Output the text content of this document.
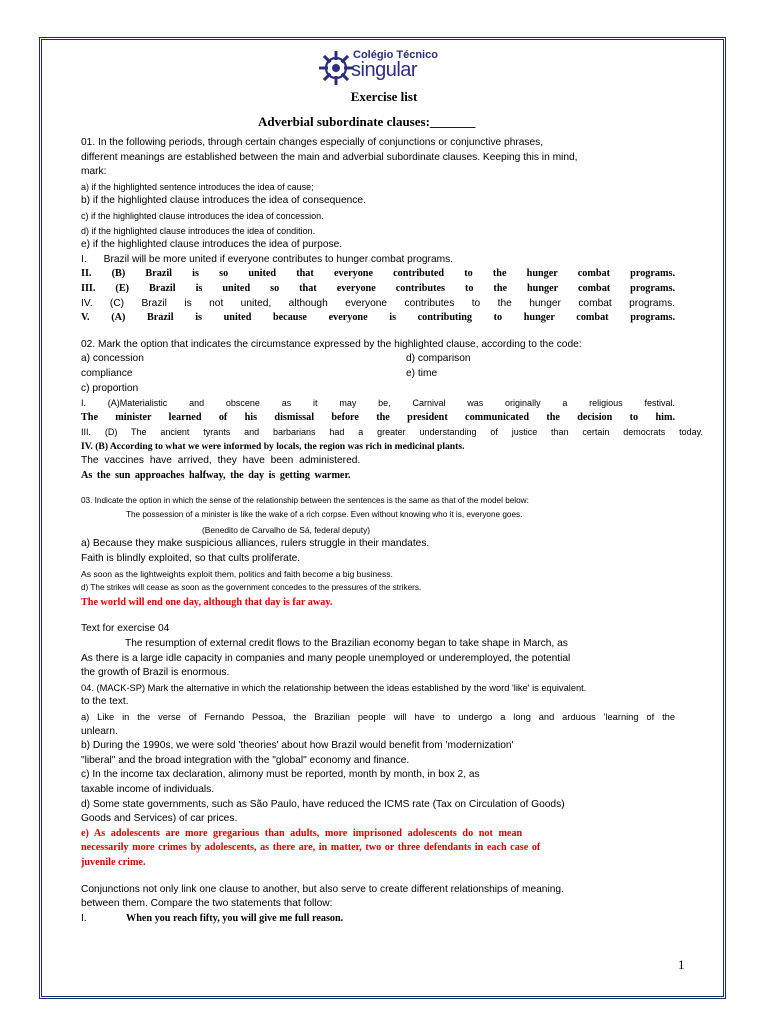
Colégio Técnico
singular
Exercise list
Adverbial subordinate clauses:_______
01. In the following periods, through certain changes especially of conjunctions or conjunctive phrases,
different meanings are established between the main and adverbial subordinate clauses. Keeping this in mind,
mark:
a) if the highlighted sentence introduces the idea of cause;
b) if the highlighted clause introduces the idea of consequence.
c) if the highlighted clause introduces the idea of concession.
d) if the highlighted clause introduces the idea of condition.
e) if the highlighted clause introduces the idea of purpose.
I.      Brazil will be more united if everyone contributes to hunger combat programs.
II. (B) Brazil is so united that everyone contributed to the hunger combat programs.
III. (E) Brazil is united so that everyone contributes to the hunger combat programs.
IV. (C) Brazil is not united, although everyone contributes to the hunger combat programs.
V. (A) Brazil is united because everyone is contributing to hunger combat programs.
02. Mark the option that indicates the circumstance expressed by the highlighted clause, according to the code:
a) concession	d) comparison
compliance	e) time
c) proportion
I. (A)Materialistic and obscene as it may be, Carnival was originally a religious festival.
The minister learned of his dismissal before the president communicated the decision to him.
III. (D) The ancient tyrants and barbarians had a greater understanding of justice than certain democrats today.
IV. (B) According to what we were informed by locals, the region was rich in medicinal plants.
The vaccines have arrived, they have been administered.
As the sun approaches halfway, the day is getting warmer.
03. Indicate the option in which the sense of the relationship between the sentences is the same as that of the model below:
The possession of a minister is like the wake of a rich corpse. Even without knowing who it is, everyone goes.
(Benedito de Carvalho de Sá, federal deputy)
a) Because they make suspicious alliances, rulers struggle in their mandates.
Faith is blindly exploited, so that cults proliferate.
As soon as the lightweights exploit them, politics and faith become a big business.
d) The strikes will cease as soon as the government concedes to the pressures of the strikers.
The world will end one day, although that day is far away.
Text for exercise 04
The resumption of external credit flows to the Brazilian economy began to take shape in March, as
As there is a large idle capacity in companies and many people unemployed or underemployed, the potential
the growth of Brazil is enormous.
04. (MACK-SP) Mark the alternative in which the relationship between the ideas established by the word 'like' is equivalent.
to the text.
a) Like in the verse of Fernando Pessoa, the Brazilian people will have to undergo a long and arduous 'learning of the
unlearn.
b) During the 1990s, we were sold 'theories' about how Brazil would benefit from 'modernization'
"liberal" and the broad integration with the "global" economy and finance.
c) In the income tax declaration, alimony must be reported, month by month, in box 2, as
taxable income of individuals.
d) Some state governments, such as São Paulo, have reduced the ICMS rate (Tax on Circulation of Goods)
Goods and Services) of car prices.
e) As adolescents are more gregarious than adults, more imprisoned adolescents do not mean
necessarily more crimes by adolescents, as there are, in matter, two or three defendants in each case of
juvenile crime.
Conjunctions not only link one clause to another, but also serve to create different relationships of meaning.
between them. Compare the two statements that follow:
I.	When you reach fifty, you will give me full reason.
1
